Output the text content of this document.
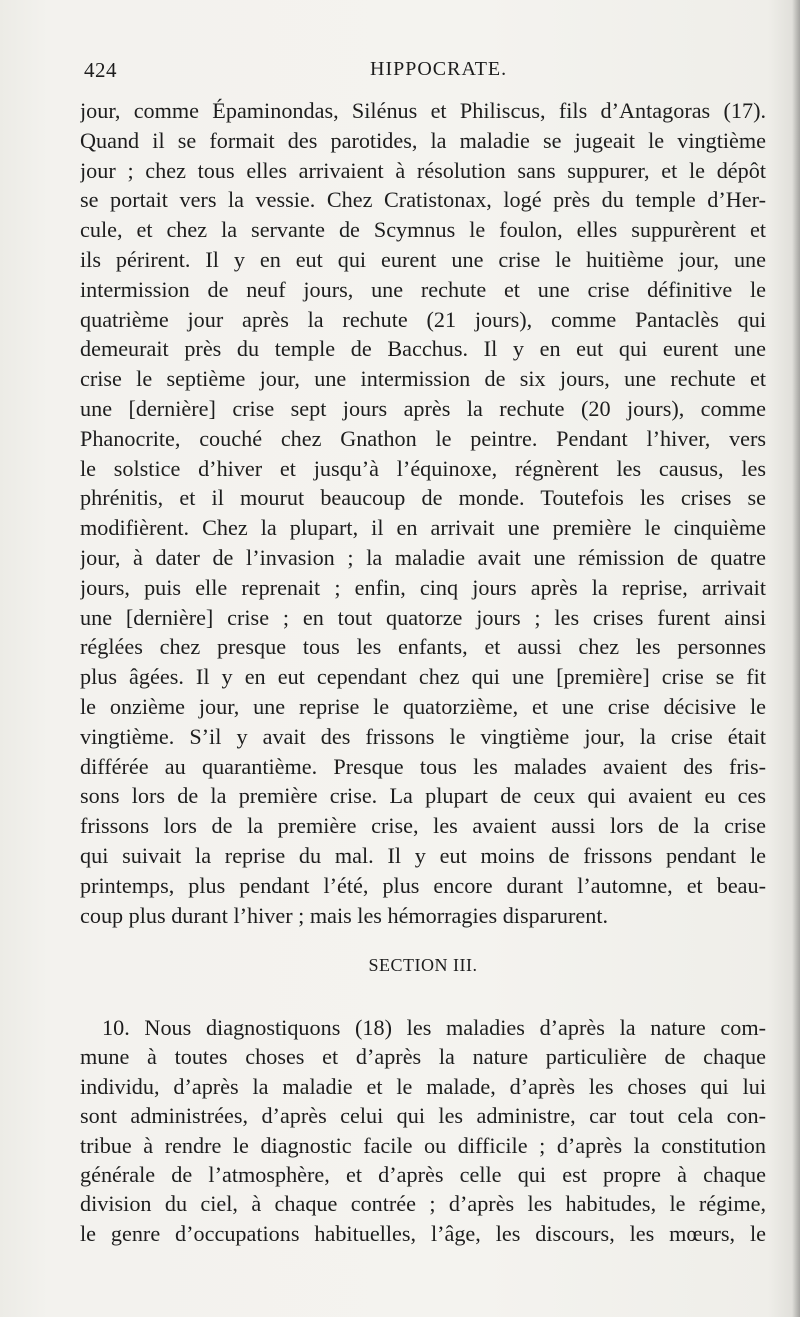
424	HIPPOCRATE.
jour, comme Épaminondas, Silénus et Philiscus, fils d’Antagoras (17).
Quand il se formait des parotides, la maladie se jugeait le vingtième
jour ; chez tous elles arrivaient à résolution sans suppurer, et le dépôt
se portait vers la vessie. Chez Cratistonax, logé près du temple d’Her-
cule, et chez la servante de Scymnus le foulon, elles suppurèrent et
ils périrent. Il y en eut qui eurent une crise le huitième jour, une
intermission de neuf jours, une rechute et une crise définitive le
quatrième jour après la rechute (21 jours), comme Pantaclès qui
demeurait près du temple de Bacchus. Il y en eut qui eurent une
crise le septième jour, une intermission de six jours, une rechute et
une [dernière] crise sept jours après la rechute (20 jours), comme
Phanocrite, couché chez Gnathon le peintre. Pendant l’hiver, vers
le solstice d’hiver et jusqu’à l’équinoxe, régnèrent les causus, les
phrénitis, et il mourut beaucoup de monde. Toutefois les crises se
modifièrent. Chez la plupart, il en arrivait une première le cinquième
jour, à dater de l’invasion ; la maladie avait une rémission de quatre
jours, puis elle reprenait ; enfin, cinq jours après la reprise, arrivait
une [dernière] crise ; en tout quatorze jours ; les crises furent ainsi
réglées chez presque tous les enfants, et aussi chez les personnes
plus âgées. Il y en eut cependant chez qui une [première] crise se fit
le onzième jour, une reprise le quatorzième, et une crise décisive le
vingtième. S’il y avait des frissons le vingtième jour, la crise était
différée au quarantième. Presque tous les malades avaient des fris-
sons lors de la première crise. La plupart de ceux qui avaient eu ces
frissons lors de la première crise, les avaient aussi lors de la crise
qui suivait la reprise du mal. Il y eut moins de frissons pendant le
printemps, plus pendant l’été, plus encore durant l’automne, et beau-
coup plus durant l’hiver ; mais les hémorragies disparurent.
SECTION III.
10. Nous diagnostiquons (18) les maladies d’après la nature com-
mune à toutes choses et d’après la nature particulière de chaque
individu, d’après la maladie et le malade, d’après les choses qui lui
sont administrées, d’après celui qui les administre, car tout cela con-
tribue à rendre le diagnostic facile ou difficile ; d’après la constitution
générale de l’atmosphère, et d’après celle qui est propre à chaque
division du ciel, à chaque contrée ; d’après les habitudes, le régime,
le genre d’occupations habituelles, l’âge, les discours, les mœurs, le
